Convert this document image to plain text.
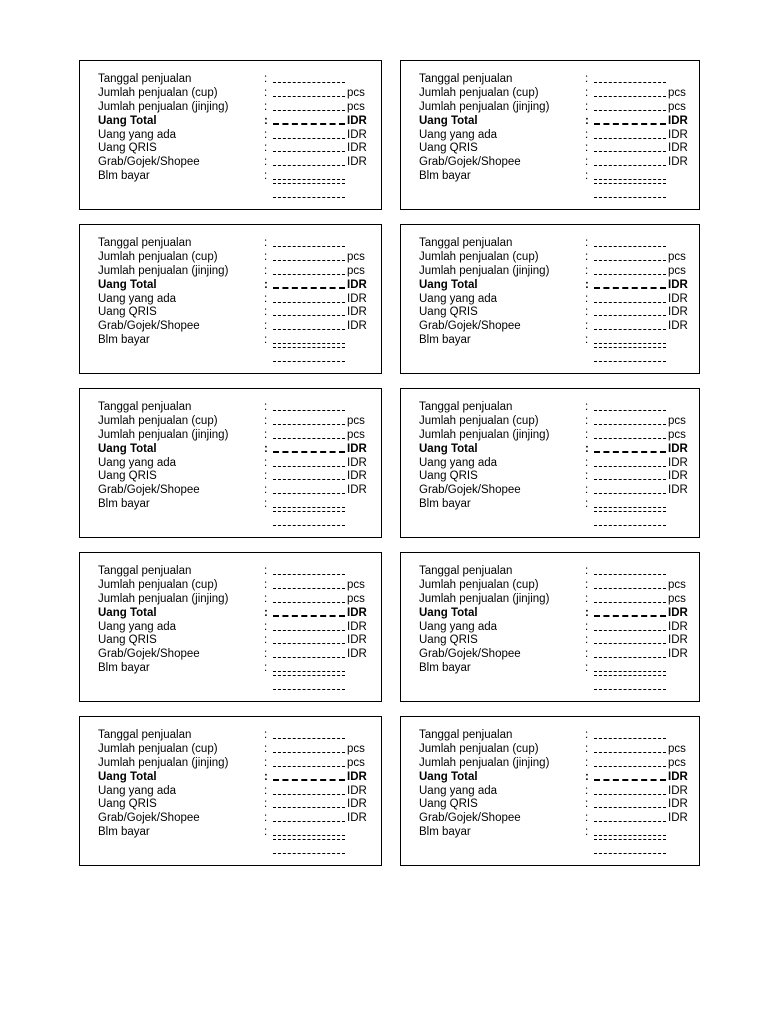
Tanggal penjualan	:
Jumlah penjualan (cup)	:	pcs
Jumlah penjualan (jinjing)	:	pcs
Uang Total	:	IDR
Uang yang ada	:	IDR
Uang QRIS	:	IDR
Grab/Gojek/Shopee	:	IDR
Blm bayar	:
Tanggal penjualan	:
Jumlah penjualan (cup)	:	pcs
Jumlah penjualan (jinjing)	:	pcs
Uang Total	:	IDR
Uang yang ada	:	IDR
Uang QRIS	:	IDR
Grab/Gojek/Shopee	:	IDR
Blm bayar	:
Tanggal penjualan	:
Jumlah penjualan (cup)	:	pcs
Jumlah penjualan (jinjing)	:	pcs
Uang Total	:	IDR
Uang yang ada	:	IDR
Uang QRIS	:	IDR
Grab/Gojek/Shopee	:	IDR
Blm bayar	:
Tanggal penjualan	:
Jumlah penjualan (cup)	:	pcs
Jumlah penjualan (jinjing)	:	pcs
Uang Total	:	IDR
Uang yang ada	:	IDR
Uang QRIS	:	IDR
Grab/Gojek/Shopee	:	IDR
Blm bayar	:
Tanggal penjualan	:
Jumlah penjualan (cup)	:	pcs
Jumlah penjualan (jinjing)	:	pcs
Uang Total	:	IDR
Uang yang ada	:	IDR
Uang QRIS	:	IDR
Grab/Gojek/Shopee	:	IDR
Blm bayar	:
Tanggal penjualan	:
Jumlah penjualan (cup)	:	pcs
Jumlah penjualan (jinjing)	:	pcs
Uang Total	:	IDR
Uang yang ada	:	IDR
Uang QRIS	:	IDR
Grab/Gojek/Shopee	:	IDR
Blm bayar	:
Tanggal penjualan	:
Jumlah penjualan (cup)	:	pcs
Jumlah penjualan (jinjing)	:	pcs
Uang Total	:	IDR
Uang yang ada	:	IDR
Uang QRIS	:	IDR
Grab/Gojek/Shopee	:	IDR
Blm bayar	:
Tanggal penjualan	:
Jumlah penjualan (cup)	:	pcs
Jumlah penjualan (jinjing)	:	pcs
Uang Total	:	IDR
Uang yang ada	:	IDR
Uang QRIS	:	IDR
Grab/Gojek/Shopee	:	IDR
Blm bayar	:
Tanggal penjualan	:
Jumlah penjualan (cup)	:	pcs
Jumlah penjualan (jinjing)	:	pcs
Uang Total	:	IDR
Uang yang ada	:	IDR
Uang QRIS	:	IDR
Grab/Gojek/Shopee	:	IDR
Blm bayar	:
Tanggal penjualan	:
Jumlah penjualan (cup)	:	pcs
Jumlah penjualan (jinjing)	:	pcs
Uang Total	:	IDR
Uang yang ada	:	IDR
Uang QRIS	:	IDR
Grab/Gojek/Shopee	:	IDR
Blm bayar	:
